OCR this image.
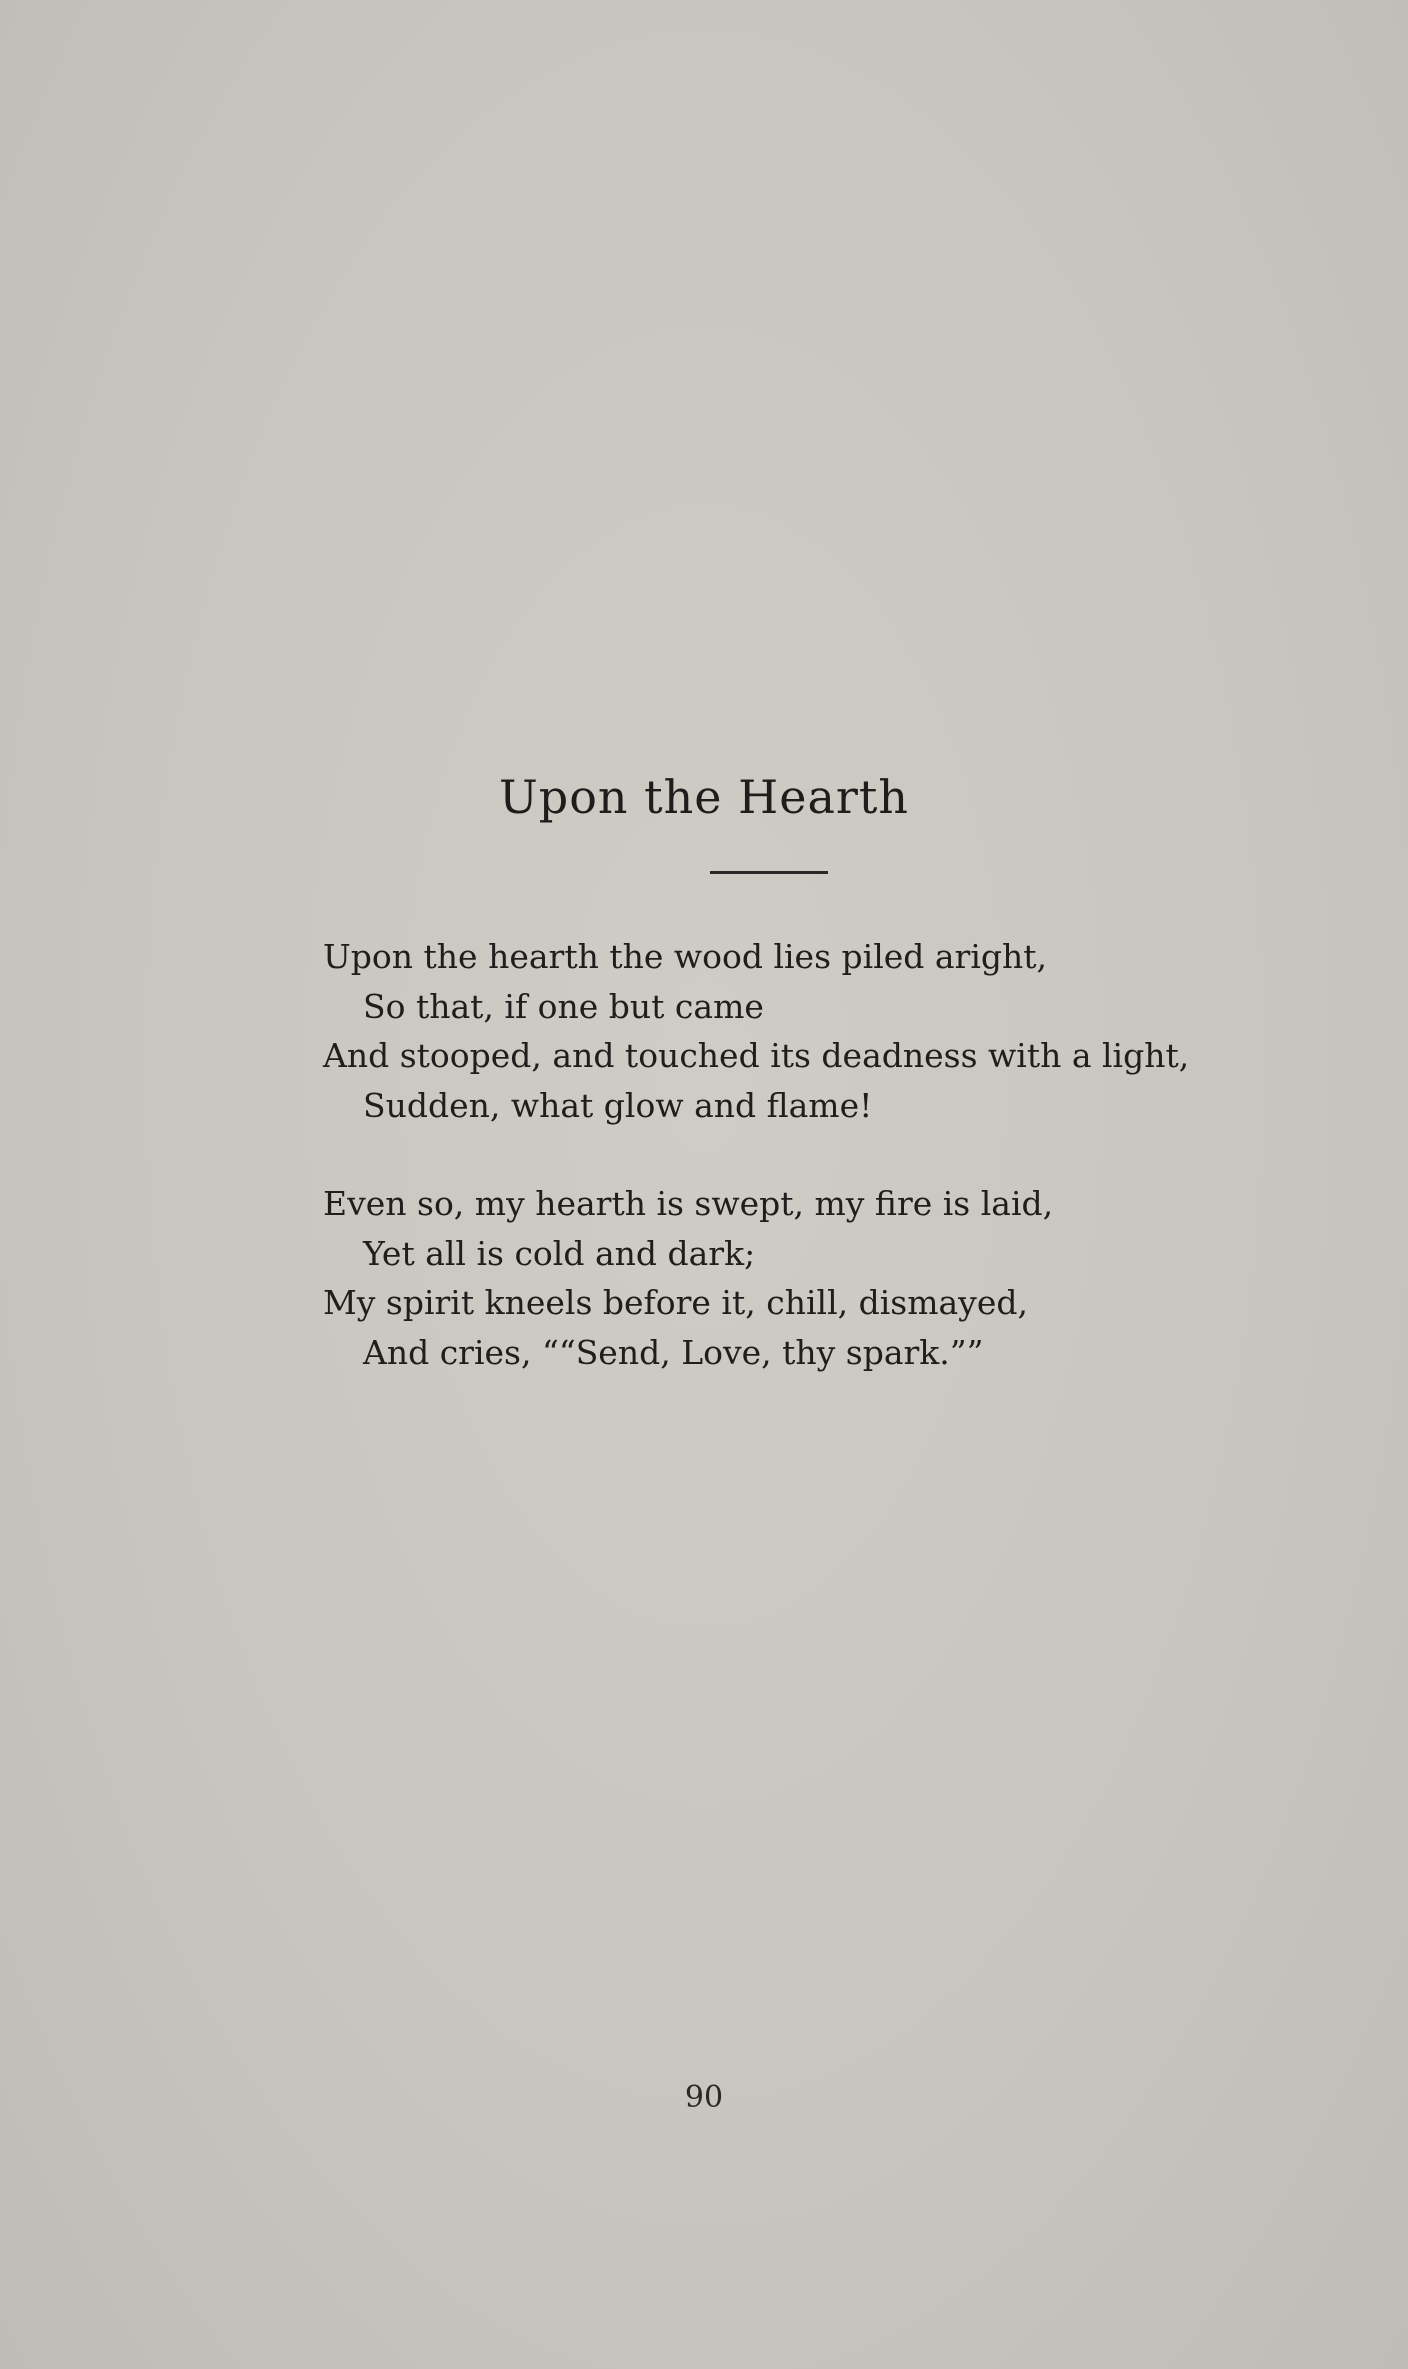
Upon the Hearth
Upon the hearth the wood lies piled aright,
So that, if one but came
And stooped, and touched its deadness with a light,
Sudden, what glow and flame!
Even so, my hearth is swept, my fire is laid,
Yet all is cold and dark;
My spirit kneels before it, chill, dismayed,
And cries, ““Send, Love, thy spark.””
90
